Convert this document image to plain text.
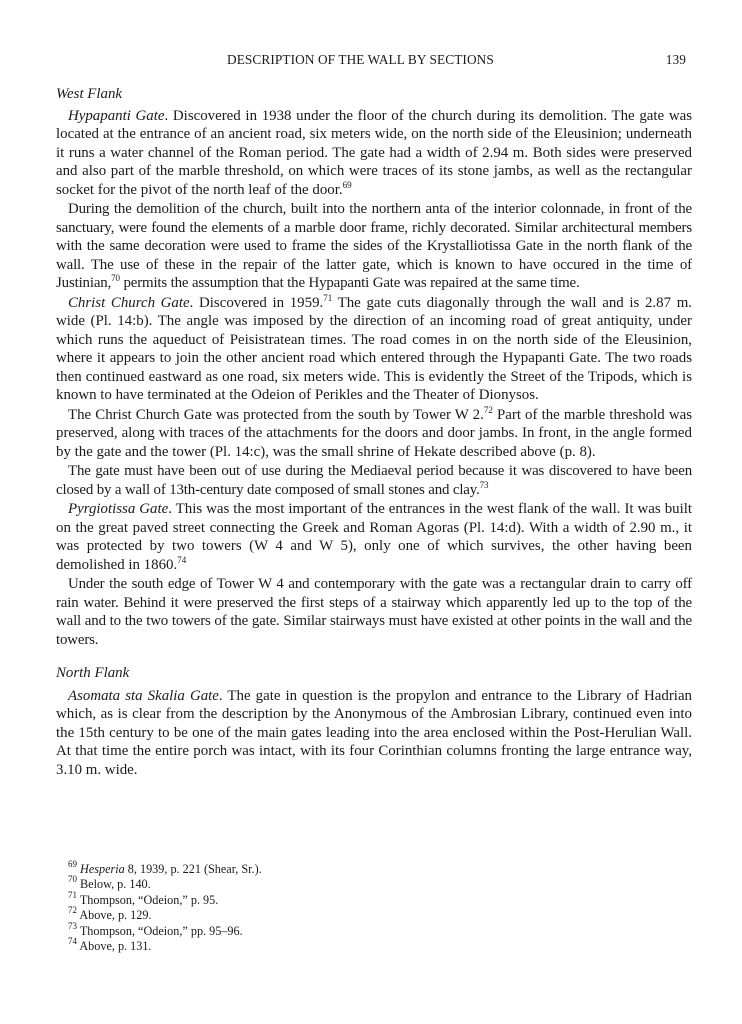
DESCRIPTION OF THE WALL BY SECTIONS	139
West Flank

Hypapanti Gate. Discovered in 1938 under the floor of the church during its demolition. The gate was located at the entrance of an ancient road, six meters wide, on the north side of the Eleusinion; underneath it runs a water channel of the Roman period. The gate had a width of 2.94 m. Both sides were preserved and also part of the marble threshold, on which were traces of its stone jambs, as well as the rectangular socket for the pivot of the north leaf of the door.$^{69}$

During the demolition of the church, built into the northern anta of the interior colonnade, in front of the sanctuary, were found the elements of a marble door frame, richly decorated. Similar architectural members with the same decoration were used to frame the sides of the Krystalliotissa Gate in the north flank of the wall. The use of these in the repair of the latter gate, which is known to have occured in the time of Justinian,$^{70}$ permits the assumption that the Hypapanti Gate was repaired at the same time.

Christ Church Gate. Discovered in 1959.71 The gate cuts diagonally through the wall and is 2.87 m. wide (Pl. 14:b). The angle was imposed by the direction of an incoming road of great antiquity, under which runs the aqueduct of Peisistratean times. The road comes in on the north side of the Eleusinion, where it appears to join the other ancient road which entered through the Hypapanti Gate. The two roads then continued eastward as one road, six meters wide. This is evidently the Street of the Tripods, which is known to have terminated at the Odeion of Perikles and the Theater of Dionysos.

The Christ Church Gate was protected from the south by Tower W 2.72 Part of the marble threshold was preserved, along with traces of the attachments for the doors and door jambs. In front, in the angle formed by the gate and the tower (Pl. 14:c), was the small shrine of Hekate described above (p. 8).

The gate must have been out of use during the Mediaeval period because it was discovered to have been closed by a wall of 13th-century date composed of small stones and clay.$^{73}$

Pyrgiotissa Gate. This was the most important of the entrances in the west flank of the wall. It was built on the great paved street connecting the Greek and Roman Agoras (Pl. 14:d). With a width of 2.90 m., it was protected by two towers (W 4 and W 5), only one of which survives, the other having been demolished in 1860.74

Under the south edge of Tower W 4 and contemporary with the gate was a rectangular drain to carry off rain water. Behind it were preserved the first steps of a stairway which apparently led up to the top of the wall and to the two towers of the gate. Similar stairways must have existed at other points in the wall and the towers.

North Flank

Asomata sta Skalia Gate. The gate in question is the propylon and entrance to the Library of Hadrian which, as is clear from the description by the Anonymous of the Ambrosian Library, continued even into the 15th century to be one of the main gates leading into the area enclosed within the Post-Herulian Wall. At that time the entire porch was intact, with its four Corinthian columns fronting the large entrance way, 3.10 m. wide.

$^{69}$ Hesperia 8, 1939, p. 221 (Shear, Sr.).
$^{70}$ Below, p. 140.
$^{71}$ Thompson, “Odeion,” p. 95.
$^{72}$ Above, p. 129.
$^{73}$ Thompson, “Odeion,” pp. 95–96.
$^{74}$ Above, p. 131.
